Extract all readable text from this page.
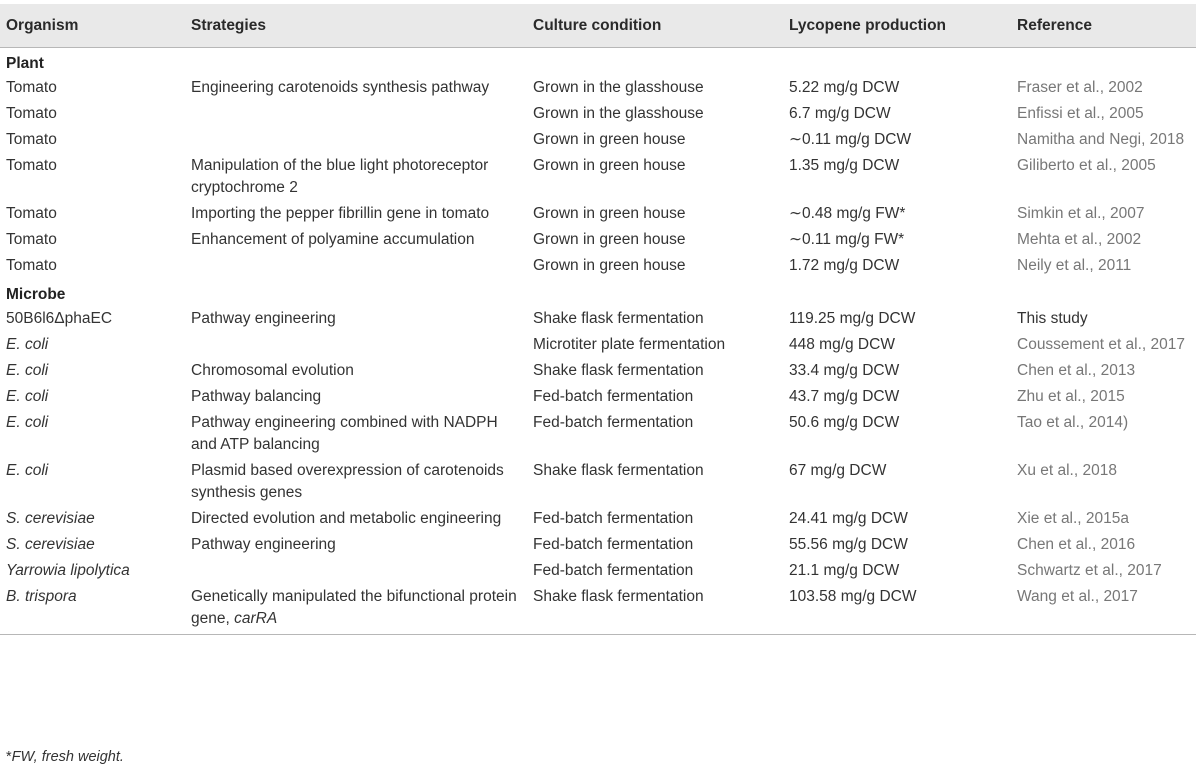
Organism	Strategies	Culture condition	Lycopene production	Reference
Plant				
Tomato	Engineering carotenoids synthesis pathway	Grown in the glasshouse	5.22 mg/g DCW	Fraser et al., 2002
Tomato		Grown in the glasshouse	6.7 mg/g DCW	Enfissi et al., 2005
Tomato		Grown in green house	∼0.11 mg/g DCW	Namitha and Negi, 2018
Tomato	Manipulation of the blue light photoreceptor cryptochrome 2	Grown in green house	1.35 mg/g DCW	Giliberto et al., 2005
Tomato	Importing the pepper fibrillin gene in tomato	Grown in green house	∼0.48 mg/g FW*	Simkin et al., 2007
Tomato	Enhancement of polyamine accumulation	Grown in green house	∼0.11 mg/g FW*	Mehta et al., 2002
Tomato		Grown in green house	1.72 mg/g DCW	Neily et al., 2011
Microbe				
50B6l6ΔphaEC	Pathway engineering	Shake flask fermentation	119.25 mg/g DCW	This study
E. coli		Microtiter plate fermentation	448 mg/g DCW	Coussement et al., 2017
E. coli	Chromosomal evolution	Shake flask fermentation	33.4 mg/g DCW	Chen et al., 2013
E. coli	Pathway balancing	Fed-batch fermentation	43.7 mg/g DCW	Zhu et al., 2015
E. coli	Pathway engineering combined with NADPH and ATP balancing	Fed-batch fermentation	50.6 mg/g DCW	Tao et al., 2014)
E. coli	Plasmid based overexpression of carotenoids synthesis genes	Shake flask fermentation	67 mg/g DCW	Xu et al., 2018
S. cerevisiae	Directed evolution and metabolic engineering	Fed-batch fermentation	24.41 mg/g DCW	Xie et al., 2015a
S. cerevisiae	Pathway engineering	Fed-batch fermentation	55.56 mg/g DCW	Chen et al., 2016
Yarrowia lipolytica		Fed-batch fermentation	21.1 mg/g DCW	Schwartz et al., 2017
B. trispora	Genetically manipulated the bifunctional protein gene, carRA	Shake flask fermentation	103.58 mg/g DCW	Wang et al., 2017
*FW, fresh weight.
